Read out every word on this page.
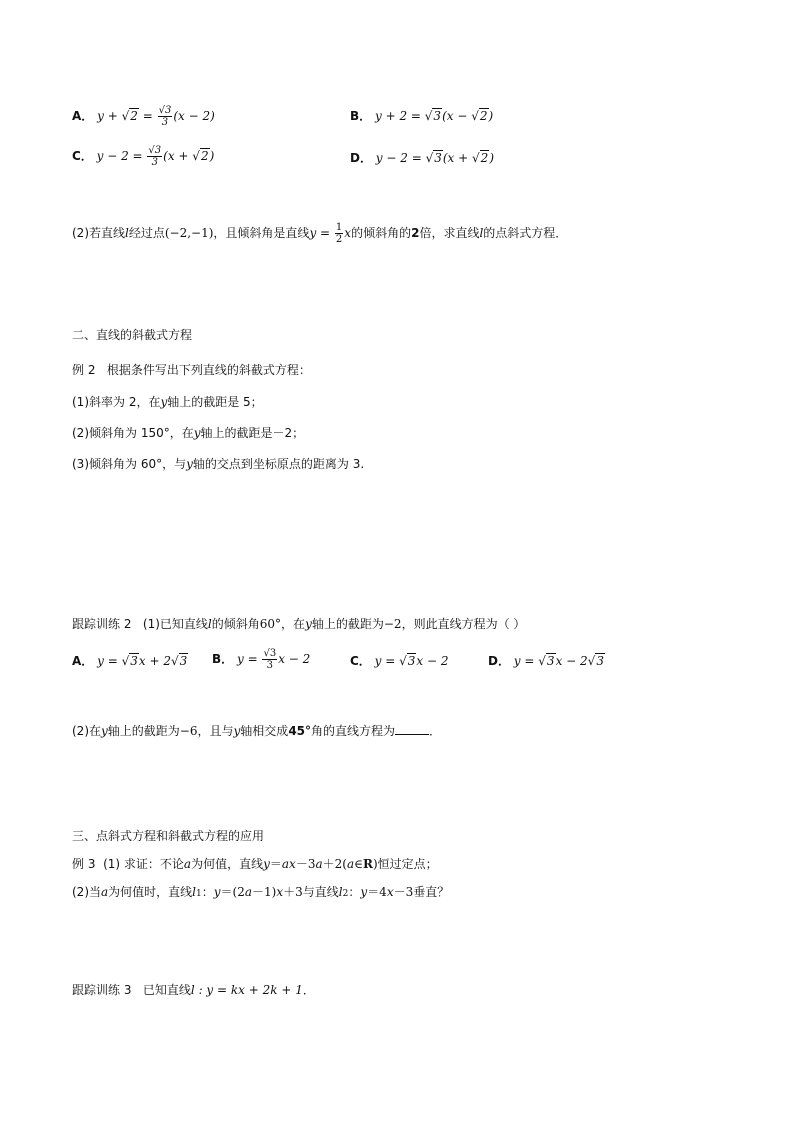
A． $y + √2 = \frac{√3}{3} (x - 2)$	B． y + 2 = √3(x − √2)
C． $y - 2 = \frac{√3}{3} (x + √2)$	D． y − 2 = √3(x + √2)
(2)若直线l经过点(−2,−1)，且倾斜角是直线$y = \frac{1}{2}$ x的倾斜角的2倍，求直线l的点斜式方程．
二、直线的斜截式方程
例 2 根据条件写出下列直线的斜截式方程：
(1)斜率为 2，在y轴上的截距是 5；
(2)倾斜角为 150°，在y轴上的截距是－2；
(3)倾斜角为 60°，与y轴的交点到坐标原点的距离为 3.
跟踪训练 2 (1)已知直线l的倾斜角60°，在y轴上的截距为−2，则此直线方程为（ ）
A． y = √3x + 2√3 B． $y = \frac{√3}{3}$ x − 2	C． y = √3x − 2	D． y = √3x − 2√3
(2)在y轴上的截距为−6，且与y轴相交成45°角的直线方程为	．
三、点斜式方程和斜截式方程的应用
例 3 (1) 求证：不论a为何值，直线y＝ax－3a＋2(a∈R)恒过定点；
(2)当a为何值时，直线l1：y＝(2a－1)x＋3与直线l2：y＝4x－3垂直？
跟踪训练 3 已知直线l : y = kx + 2k + 1．
